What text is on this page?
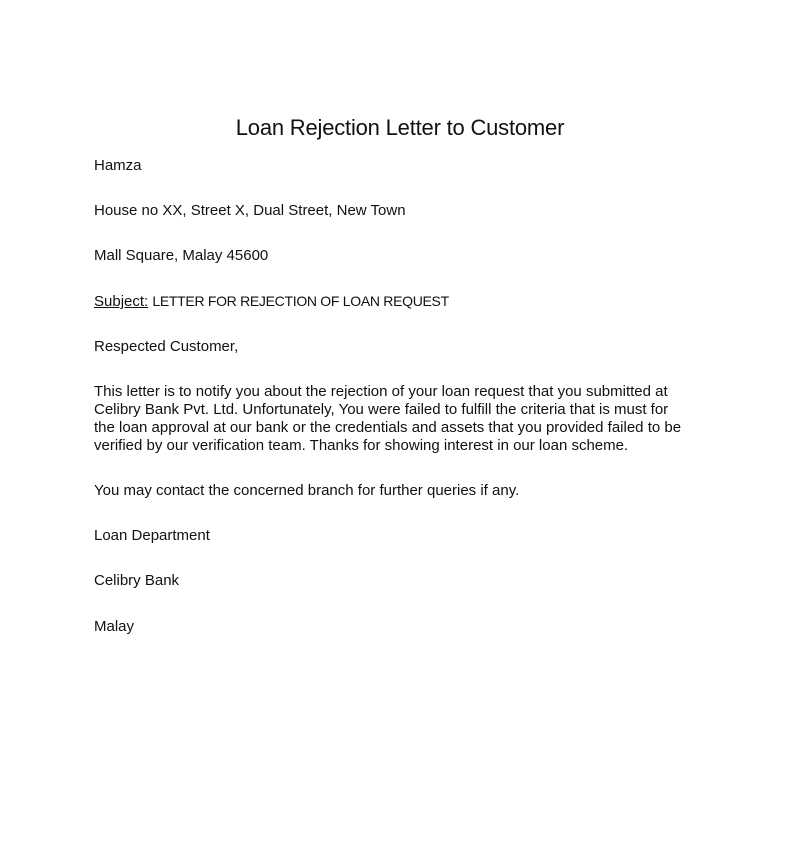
Loan Rejection Letter to Customer

Hamza

House no XX, Street X, Dual Street, New Town

Mall Square, Malay 45600

Subject: LETTER FOR REJECTION OF LOAN REQUEST

Respected Customer,

This letter is to notify you about the rejection of your loan request that you submitted at
Celibry Bank Pvt. Ltd. Unfortunately, You were failed to fulfill the criteria that is must for
the loan approval at our bank or the credentials and assets that you provided failed to be
verified by our verification team. Thanks for showing interest in our loan scheme.

You may contact the concerned branch for further queries if any.

Loan Department

Celibry Bank

Malay
